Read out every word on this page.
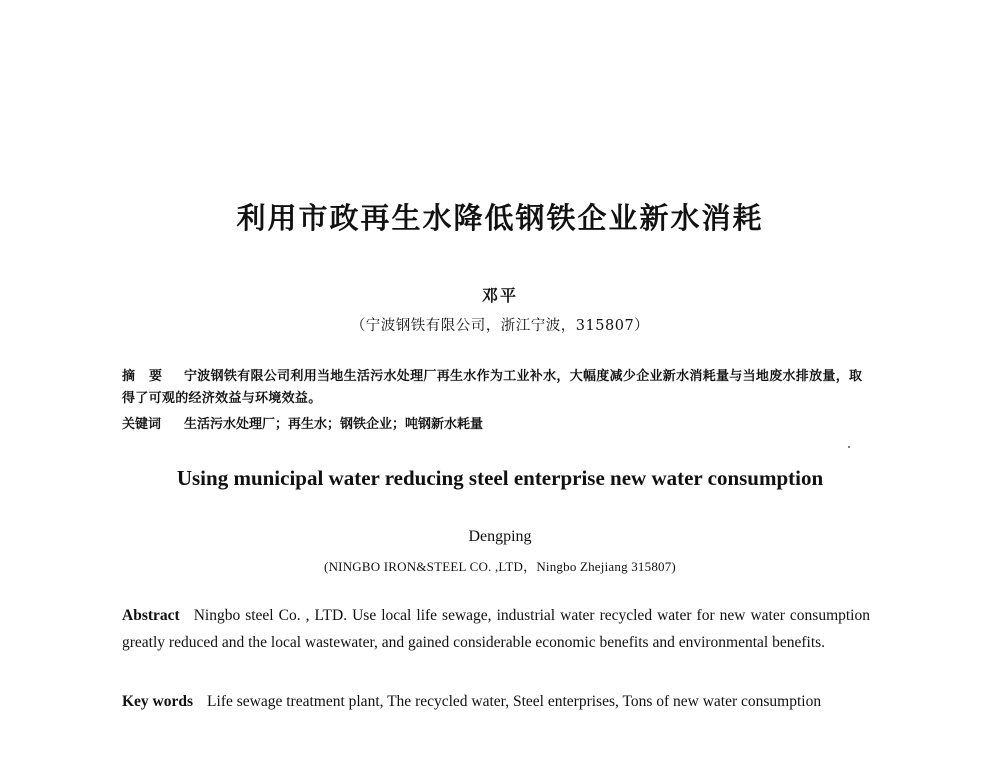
利用市政再生水降低钢铁企业新水消耗
邓平
（宁波钢铁有限公司，浙江宁波，315807）
摘要 宁波钢铁有限公司利用当地生活污水处理厂再生水作为工业补水，大幅度减少企业新水消耗量与当地废水排放量，取得了可观的经济效益与环境效益。
关键词 生活污水处理厂；再生水；钢铁企业；吨钢新水耗量
Using municipal water reducing steel enterprise new water consumption
Dengping
(NINGBO IRON&STEEL CO. ,LTD，Ningbo Zhejiang 315807)
Abstract Ningbo steel Co. , LTD. Use local life sewage, industrial water recycled water for new water consumption greatly reduced and the local wastewater, and gained considerable economic benefits and environmental benefits.
Key words Life sewage treatment plant, The recycled water, Steel enterprises, Tons of new water consumption
